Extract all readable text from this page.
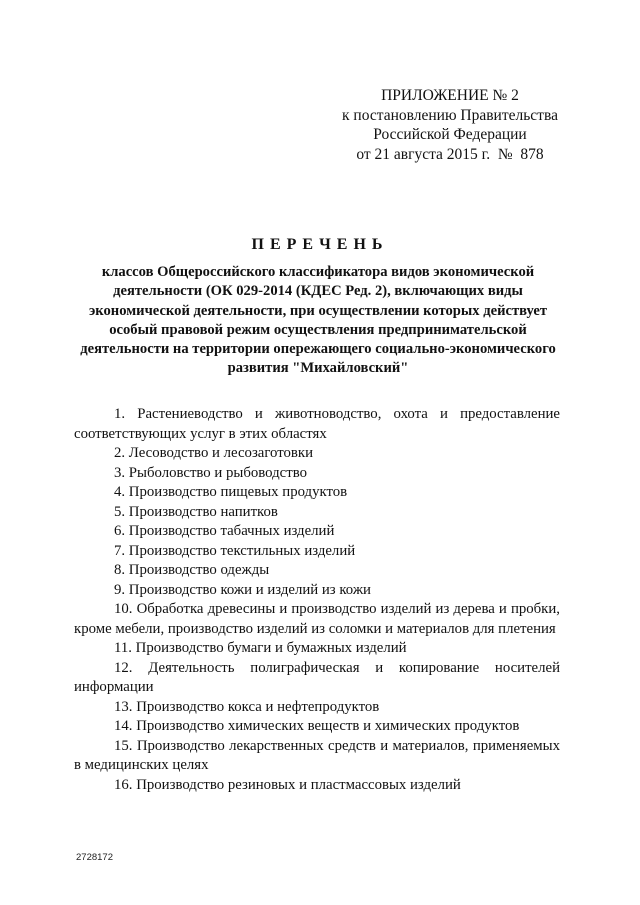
ПРИЛОЖЕНИЕ № 2
к постановлению Правительства
Российской Федерации
от 21 августа 2015 г.  №  878
ПЕРЕЧЕНЬ
классов Общероссийского классификатора видов экономической деятельности (ОК 029-2014 (КДЕС Ред. 2), включающих виды экономической деятельности, при осуществлении которых действует особый правовой режим осуществления предпринимательской деятельности на территории опережающего социально-экономического развития "Михайловский"

1. Растениеводство и животноводство, охота и предоставление соответствующих услуг в этих областях

2. Лесоводство и лесозаготовки

3. Рыболовство и рыбоводство

4. Производство пищевых продуктов

5. Производство напитков

6. Производство табачных изделий

7. Производство текстильных изделий

8. Производство одежды

9. Производство кожи и изделий из кожи

10. Обработка древесины и производство изделий из дерева и пробки, кроме мебели, производство изделий из соломки и материалов для плетения

11. Производство бумаги и бумажных изделий

12. Деятельность полиграфическая и копирование носителей информации

13. Производство кокса и нефтепродуктов

14. Производство химических веществ и химических продуктов

15. Производство лекарственных средств и материалов, применяемых в медицинских целях

16. Производство резиновых и пластмассовых изделий

2728172
